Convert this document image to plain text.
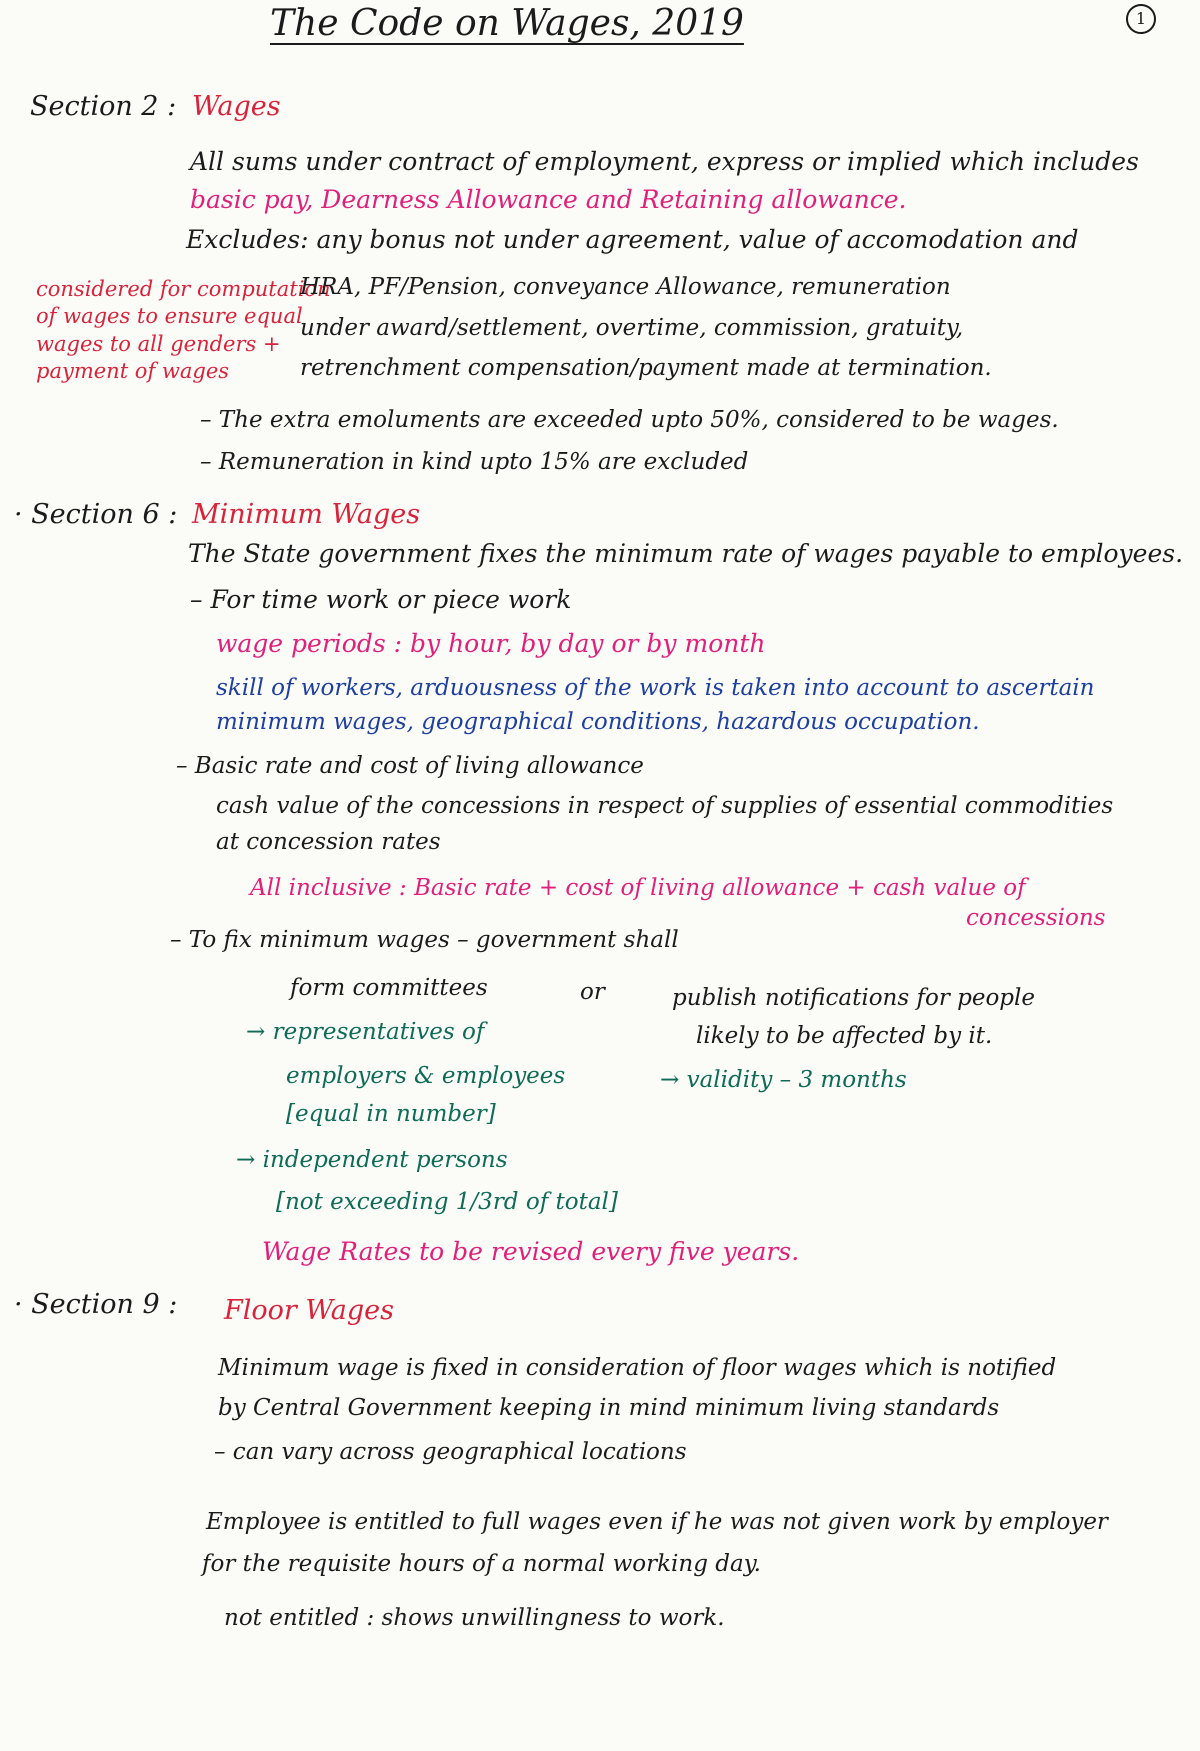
1
The Code on Wages, 2019
Section 2 : Wages
All sums under contract of employment, express or implied which includes
basic pay, Dearness Allowance and Retaining allowance.
Excludes: any bonus not under agreement, value of accomodation and
considered for computation
of wages to ensure equal
wages to all genders +
payment of wages
HRA, PF/Pension, conveyance Allowance, remuneration
under award/settlement, overtime, commission, gratuity,
retrenchment compensation/payment made at termination.
– The extra emoluments are exceeded upto 50%, considered to be wages.
– Remuneration in kind upto 15% are excluded
· Section 6 : Minimum Wages
The State government fixes the minimum rate of wages payable to employees.
– For time work or piece work
wage periods : by hour, by day or by month
skill of workers, arduousness of the work is taken into account to ascertain
minimum wages, geographical conditions, hazardous occupation.
– Basic rate and cost of living allowance
cash value of the concessions in respect of supplies of essential commodities
at concession rates
All inclusive : Basic rate + cost of living allowance + cash value of
concessions
– To fix minimum wages – government shall
form committees	or	publish notifications for people
likely to be affected by it.
→ validity – 3 months
→ representatives of
employers & employees
[equal in number]
→ independent persons
[not exceeding 1/3rd of total]
Wage Rates to be revised every five years.
· Section 9 : Floor Wages
Minimum wage is fixed in consideration of floor wages which is notified
by Central Government keeping in mind minimum living standards
– can vary across geographical locations
Employee is entitled to full wages even if he was not given work by employer
for the requisite hours of a normal working day.
not entitled : shows unwillingness to work.
